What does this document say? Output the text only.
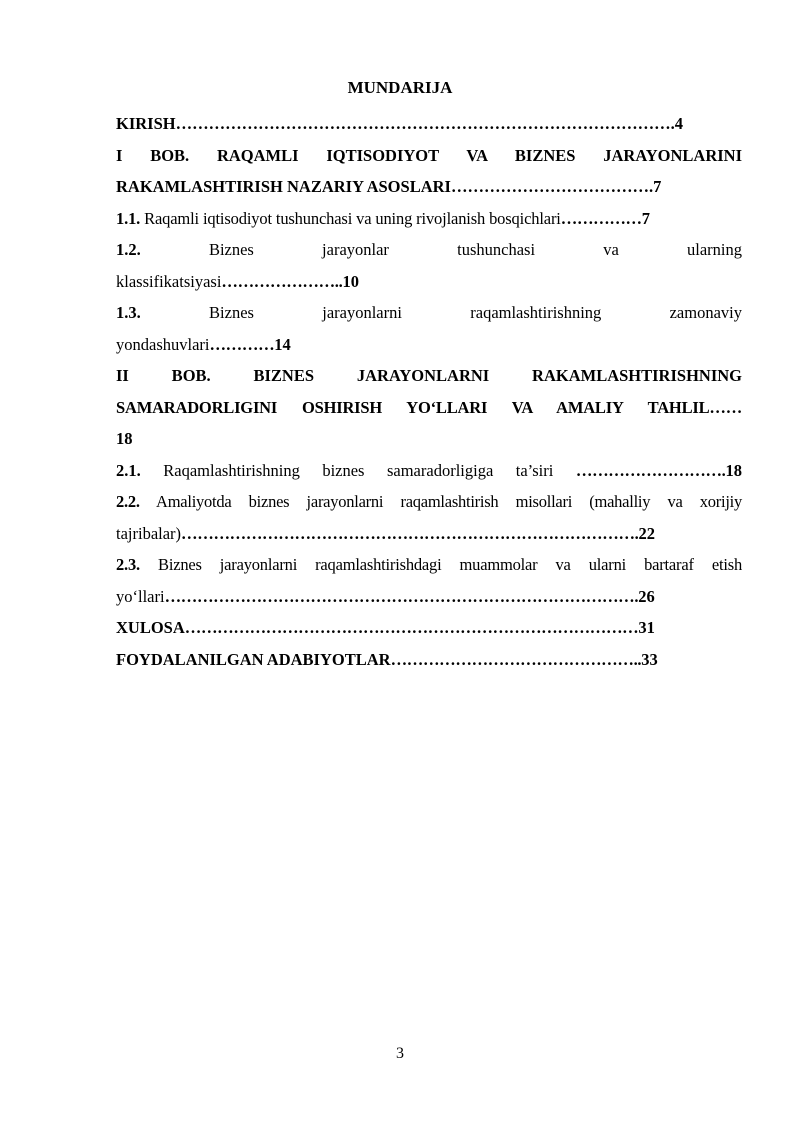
MUNDARIJA
KIRISH……………………………………………………………………………….4
I BOB. RAQAMLI IQTISODIYOT VA BIZNES JARAYONLARINI
RAKAMLASHTIRISH NAZARIY ASOSLARI……………………………….7
1.1. Raqamli iqtisodiyot tushunchasi va uning rivojlanish bosqichlari……………7
1.2. Biznes jarayonlar tushunchasi va ularning
klassifikatsiyasi…………………..10
1.3. Biznes jarayonlarni raqamlashtirishning zamonaviy
yondashuvlari…………14
II BOB. BIZNES JARAYONLARNI RAKAMLASHTIRISHNING
SAMARADORLIGINI OSHIRISH YO‘LLARI VA AMALIY TAHLIL……
18
2.1. Raqamlashtirishning biznes samaradorligiga ta’siri ……………………….18
2.2. Amaliyotda biznes jarayonlarni raqamlashtirish misollari (mahalliy va xorijiy
tajribalar)………………………………………………………………………….22
2.3. Biznes jarayonlarni raqamlashtirishdagi muammolar va ularni bartaraf etish
yo‘llari…………………………………………………………………………….26
XULOSA…………………………………………………………………………31
FOYDALANILGAN ADABIYOTLAR………………………………………..33
3
